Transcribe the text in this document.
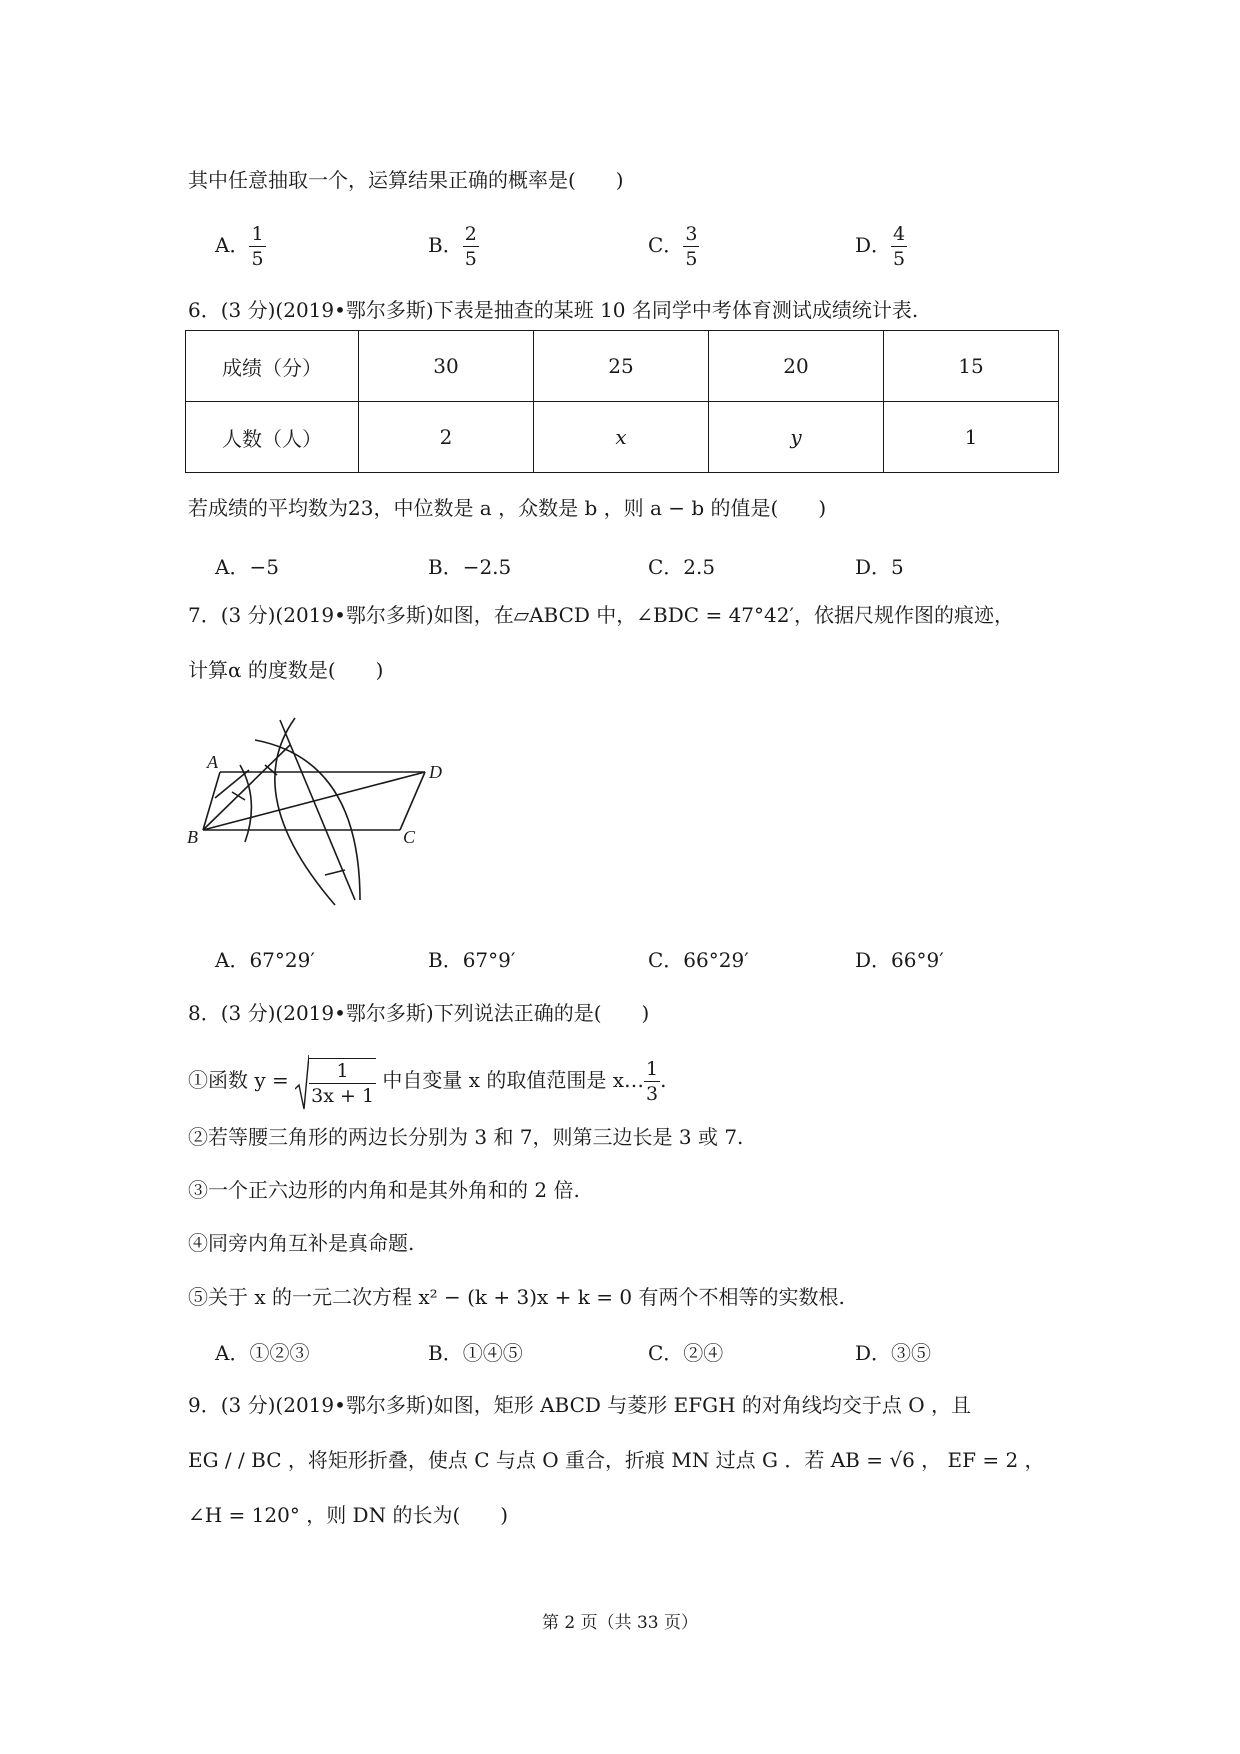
其中任意抽取一个，运算结果正确的概率是(　　)
A． $\frac{1}{5}$	B． $\frac{2}{5}$	C． $\frac{3}{5}$	D． $\frac{4}{5}$
6．(3 分)(2019•鄂尔多斯)下表是抽查的某班 10 名同学中考体育测试成绩统计表.
成绩（分）	30	25	20	15
人数（人）	2	x	y	1
若成绩的平均数为23，中位数是 a ，众数是 b ，则 a − b 的值是(　　)
A．−5	B．−2.5	C．2.5	D．5
7．(3 分)(2019•鄂尔多斯)如图，在▱ABCD 中，∠BDC = 47°42′，依据尺规作图的痕迹，
计算α 的度数是(　　)
A
B	C
D
A．67°29′	B．67°9′	C．66°29′	D．66°9′
8．(3 分)(2019•鄂尔多斯)下列说法正确的是(　　)
①函数 $y = \frac{1}{3x + 1}$ 中自变量 x 的取值范围是 x… $\frac{1}{3}$ .
②若等腰三角形的两边长分别为 3 和 7，则第三边长是 3 或 7.
③一个正六边形的内角和是其外角和的 2 倍.
④同旁内角互补是真命题.
⑤关于 x 的一元二次方程 x² − (k + 3)x + k = 0 有两个不相等的实数根.
A．①②③	B．①④⑤	C．②④	D．③⑤
9．(3 分)(2019•鄂尔多斯)如图，矩形 ABCD 与菱形 EFGH 的对角线均交于点 O ，且
EG / / BC ，将矩形折叠，使点 C 与点 O 重合，折痕 MN 过点 G ．若 AB = √6 ， EF = 2 ，
∠H = 120° ，则 DN 的长为(　　)
第 2 页（共 33 页）
